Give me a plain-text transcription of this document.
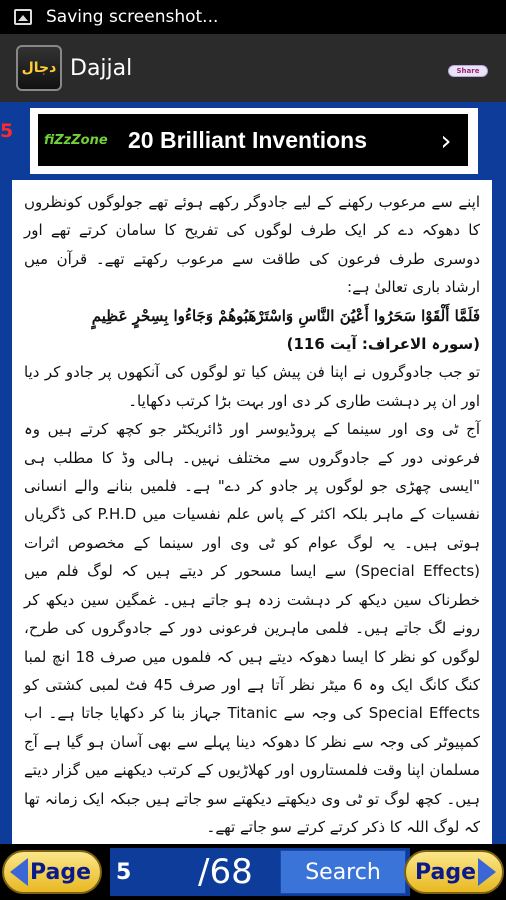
Saving screenshot...
دجال Dajjal	Share
5 fiZzZone 20 Brilliant Inventions	›

اپنے سے مرعوب رکھنے کے لیے جادوگر رکھے ہوئے تھے جولوگوں کونظروں کا دھوکہ دے کر ایک طرف لوگوں کی تفریح کا سامان کرتے تھے اور دوسری طرف فرعون کی طاقت سے مرعوب رکھتے تھے۔ قرآن میں ارشاد باری تعالیٰ ہے:

فَلَمَّا أَلْقَوْا سَحَرُوا أَعْيُنَ النَّاسِ وَاسْتَرْهَبُوهُمْ وَجَاءُوا بِسِحْرٍ عَظِيمٍ

(سورہ الاعراف: آیت 116)

تو جب جادوگروں نے اپنا فن پیش کیا تو لوگوں کی آنکھوں پر جادو کر دیا اور ان پر دہشت طاری کر دی اور بہت بڑا کرتب دکھایا۔

آج ٹی وی اور سینما کے پروڈیوسر اور ڈائریکٹر جو کچھ کرتے ہیں وہ فرعونی دور کے جادوگروں سے مختلف نہیں۔ ہالی وڈ کا مطلب ہی "ایسی چھڑی جو لوگوں پر جادو کر دے" ہے۔ فلمیں بنانے والے انسانی نفسیات کے ماہر بلکہ اکثر کے پاس علم نفسیات میں P.H.D کی ڈگریاں ہوتی ہیں۔ یہ لوگ عوام کو ٹی وی اور سینما کے مخصوص اثرات (Special Effects) سے ایسا مسحور کر دیتے ہیں کہ لوگ فلم میں خطرناک سین دیکھ کر دہشت زدہ ہو جاتے ہیں۔ غمگین سین دیکھ کر رونے لگ جاتے ہیں۔ فلمی ماہرین فرعونی دور کے جادوگروں کی طرح، لوگوں کو نظر کا ایسا دھوکہ دیتے ہیں کہ فلموں میں صرف 18 انچ لمبا کنگ کانگ ایک وہ 6 میٹر نظر آتا ہے اور صرف 45 فٹ لمبی کشتی کو Special Effects کی وجہ سے Titanic جہاز بنا کر دکھایا جاتا ہے۔ اب کمپیوٹر کی وجہ سے نظر کا دھوکہ دینا پہلے سے بھی آسان ہو گیا ہے آج مسلمان اپنا وقت فلمستاروں اور کھلاڑیوں کے کرتب دیکھنے میں گزار دیتے ہیں۔ کچھ لوگ تو ٹی وی دیکھتے دیکھتے سو جاتے ہیں جبکہ ایک زمانہ تھا کہ لوگ اللہ کا ذکر کرتے کرتے سو جاتے تھے۔

Page 5	/68	Search	Page
